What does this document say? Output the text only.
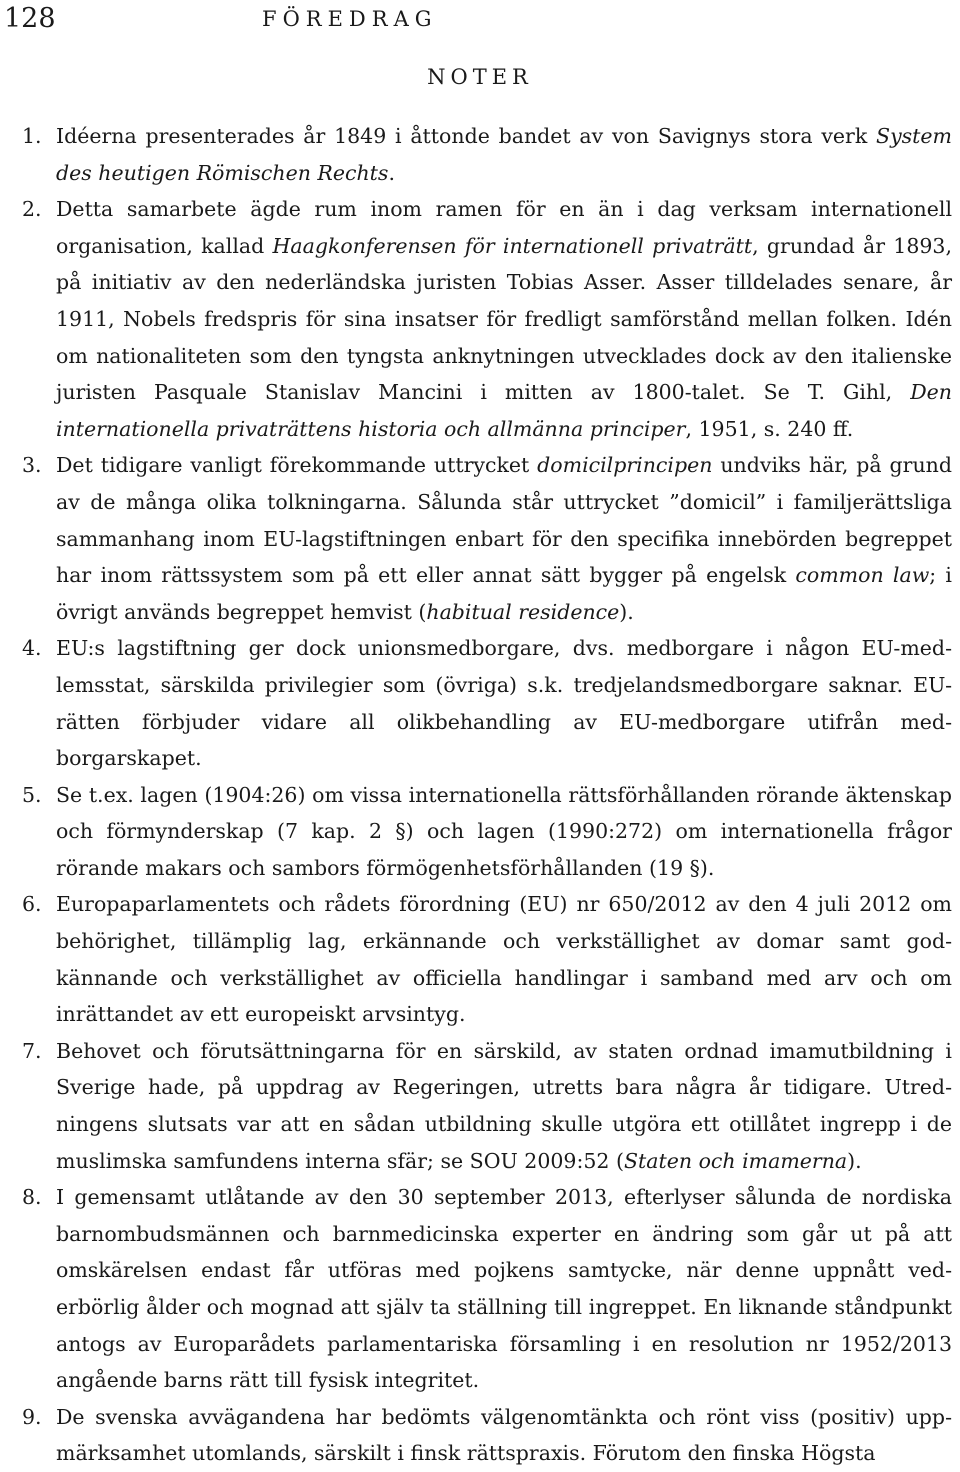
128	FÖREDRAG
NOTER
1. Idéerna presenterades år 1849 i åttonde bandet av von Savignys stora verk System des heutigen Römischen Rechts.
2. Detta samarbete ägde rum inom ramen för en än i dag verksam internationell organisation, kallad Haagkonferensen för internationell privaträtt, grundad år 1893, på initiativ av den nederländska juristen Tobias Asser. Asser tilldelades senare, år 1911, Nobels fredspris för sina insatser för fredligt samförstånd mellan folken. Idén om nationaliteten som den tyngsta anknytningen utvecklades dock av den italienske juristen Pasquale Stanislav Mancini i mitten av 1800-talet. Se T. Gihl, Den internationella privaträttens historia och allmänna principer, 1951, s. 240 ff.
3. Det tidigare vanligt förekommande uttrycket domicilprincipen undviks här, på grund av de många olika tolkningarna. Sålunda står uttrycket ”domicil” i familjerättsliga sammanhang inom EU-lagstiftningen enbart för den specifika innebörden begreppet har inom rättssystem som på ett eller annat sätt bygger på engelsk common law; i övrigt används begreppet hemvist (habitual residence).
4. EU:s lagstiftning ger dock unionsmedborgare, dvs. medborgare i någon EU-medlemsstat, särskilda privilegier som (övriga) s.k. tredjelandsmedborgare saknar. EU-rätten förbjuder vidare all olikbehandling av EU-medborgare utifrån medborgarskapet.
5. Se t.ex. lagen (1904:26) om vissa internationella rättsförhållanden rörande äktenskap och förmynderskap (7 kap. 2 §) och lagen (1990:272) om internationella frågor rörande makars och sambors förmögenhetsförhållanden (19 §).
6. Europaparlamentets och rådets förordning (EU) nr 650/2012 av den 4 juli 2012 om behörighet, tillämplig lag, erkännande och verkställighet av domar samt godkännande och verkställighet av officiella handlingar i samband med arv och om inrättandet av ett europeiskt arvsintyg.
7. Behovet och förutsättningarna för en särskild, av staten ordnad imamutbildning i Sverige hade, på uppdrag av Regeringen, utretts bara några år tidigare. Utredningens slutsats var att en sådan utbildning skulle utgöra ett otillåtet ingrepp i de muslimska samfundens interna sfär; se SOU 2009:52 (Staten och imamerna).
8. I gemensamt utlåtande av den 30 september 2013, efterlyser sålunda de nordiska barnombudsmännen och barnmedicinska experter en ändring som går ut på att omskärelsen endast får utföras med pojkens samtycke, när denne uppnått vederbörlig ålder och mognad att själv ta ställning till ingreppet. En liknande ståndpunkt antogs av Europarådets parlamentariska församling i en resolution nr 1952/2013 angående barns rätt till fysisk integritet.
9. De svenska avvägandena har bedömts välgenomtänkta och rönt viss (positiv) uppmärksamhet utomlands, särskilt i finsk rättspraxis. Förutom den finska Högsta
